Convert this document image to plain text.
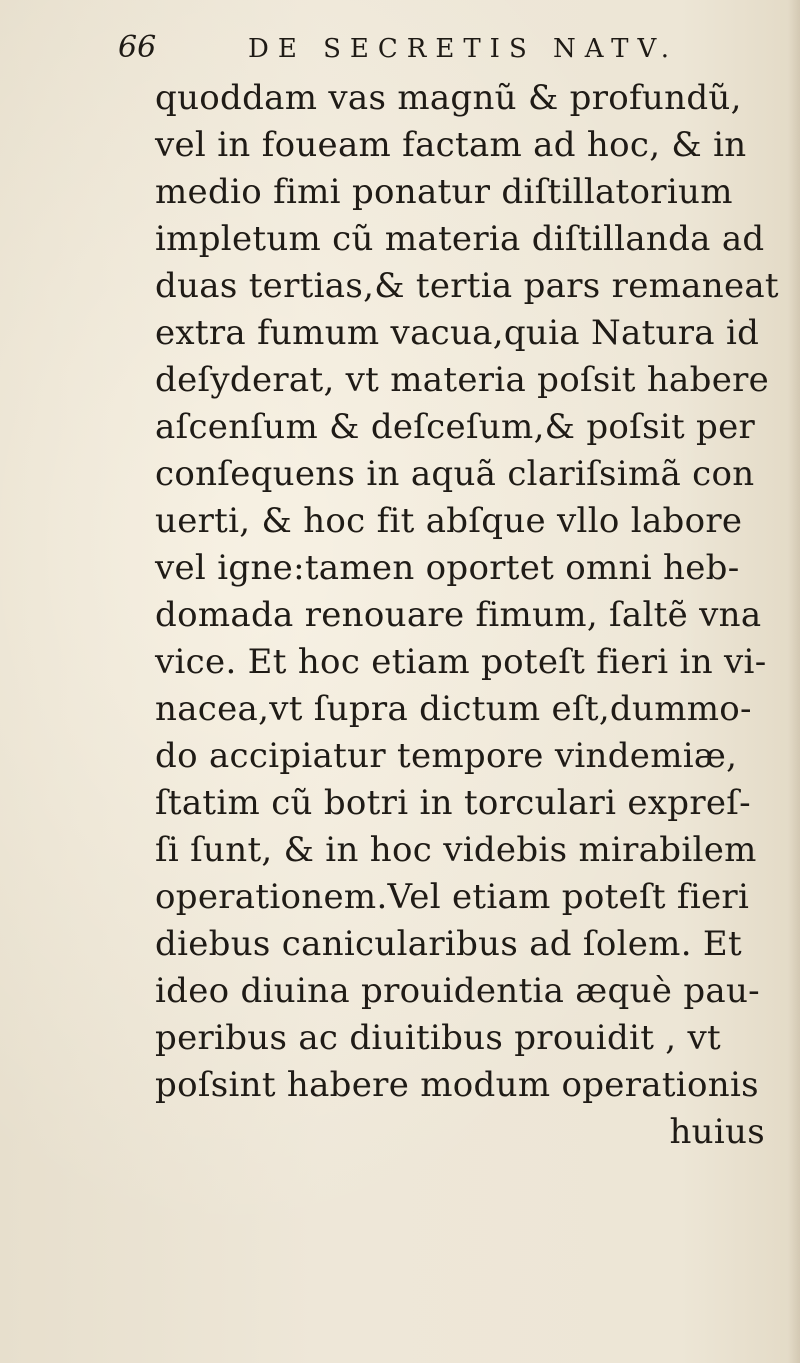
66	DE SECRETIS NATV.
quoddam vas magnũ & profundũ,
vel in foueam factam ad hoc, & in
medio fimi ponatur diſtillatorium
impletum cũ materia diſtillanda ad
duas tertias,& tertia pars remaneat
extra fumum vacua,quia Natura id
deſyderat, vt materia poſsit habere
aſcenſum & deſceſum,& poſsit per
conſequens in aquã clariſsimã con
uerti, & hoc fit abſque vllo labore
vel igne:tamen oportet omni heb-
domada renouare fimum, ſaltẽ vna
vice. Et hoc etiam poteſt fieri in vi-
nacea,vt ſupra dictum eſt,dummo-
do accipiatur tempore vindemiæ,
ſtatim cũ botri in torculari expreſ-
ſi ſunt, & in hoc videbis mirabilem
operationem.Vel etiam poteſt fieri
diebus canicularibus ad ſolem. Et
ideo diuina prouidentia æquè pau-
peribus ac diuitibus prouidit , vt
poſsint habere modum operationis
huius
